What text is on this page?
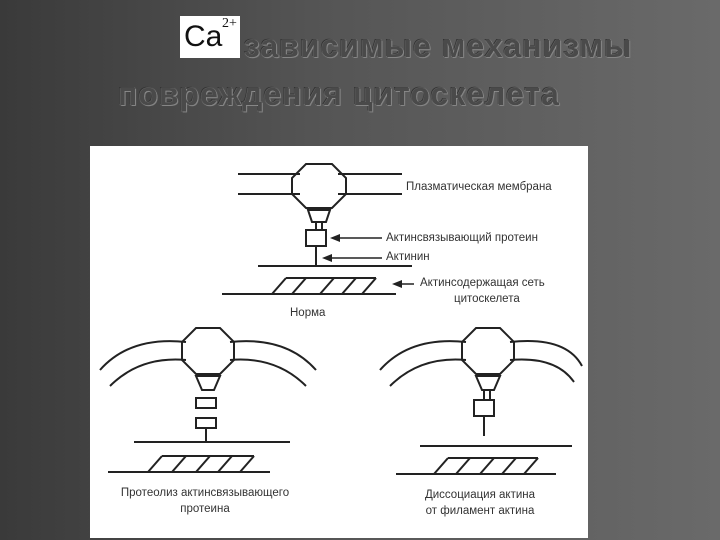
Ca 2+
зависимые механизмы
повреждения цитоскелета
Плазматическая мембрана
Актинсвязывающий протеин
Актинин
Актинсодержащая сеть
цитоскелета
Норма
Протеолиз актинсвязывающего
протеина
Диссоциация актина
от филамент актина
